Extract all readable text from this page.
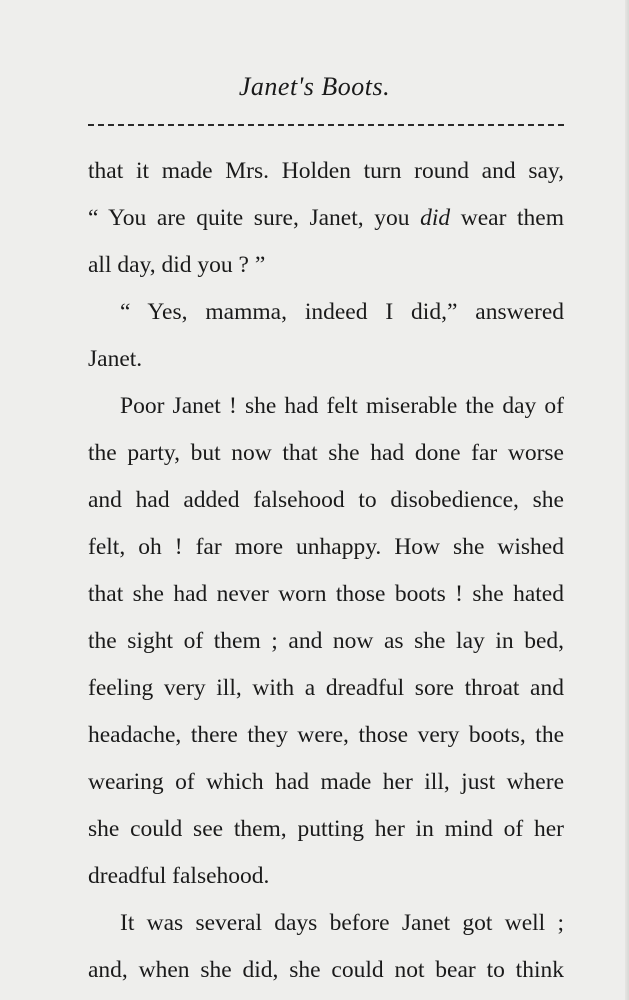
Janet's Boots.
that it made Mrs. Holden turn round and say,
“ You are quite sure, Janet, you did wear them
all day, did you ? ”
“ Yes, mamma, indeed I did,” answered
Janet.
Poor Janet ! she had felt miserable the day of
the party, but now that she had done far worse
and had added falsehood to disobedience, she
felt, oh ! far more unhappy. How she wished
that she had never worn those boots ! she hated
the sight of them ; and now as she lay in bed,
feeling very ill, with a dreadful sore throat and
headache, there they were, those very boots, the
wearing of which had made her ill, just where
she could see them, putting her in mind of her
dreadful falsehood.
It was several days before Janet got well ;
and, when she did, she could not bear to think
